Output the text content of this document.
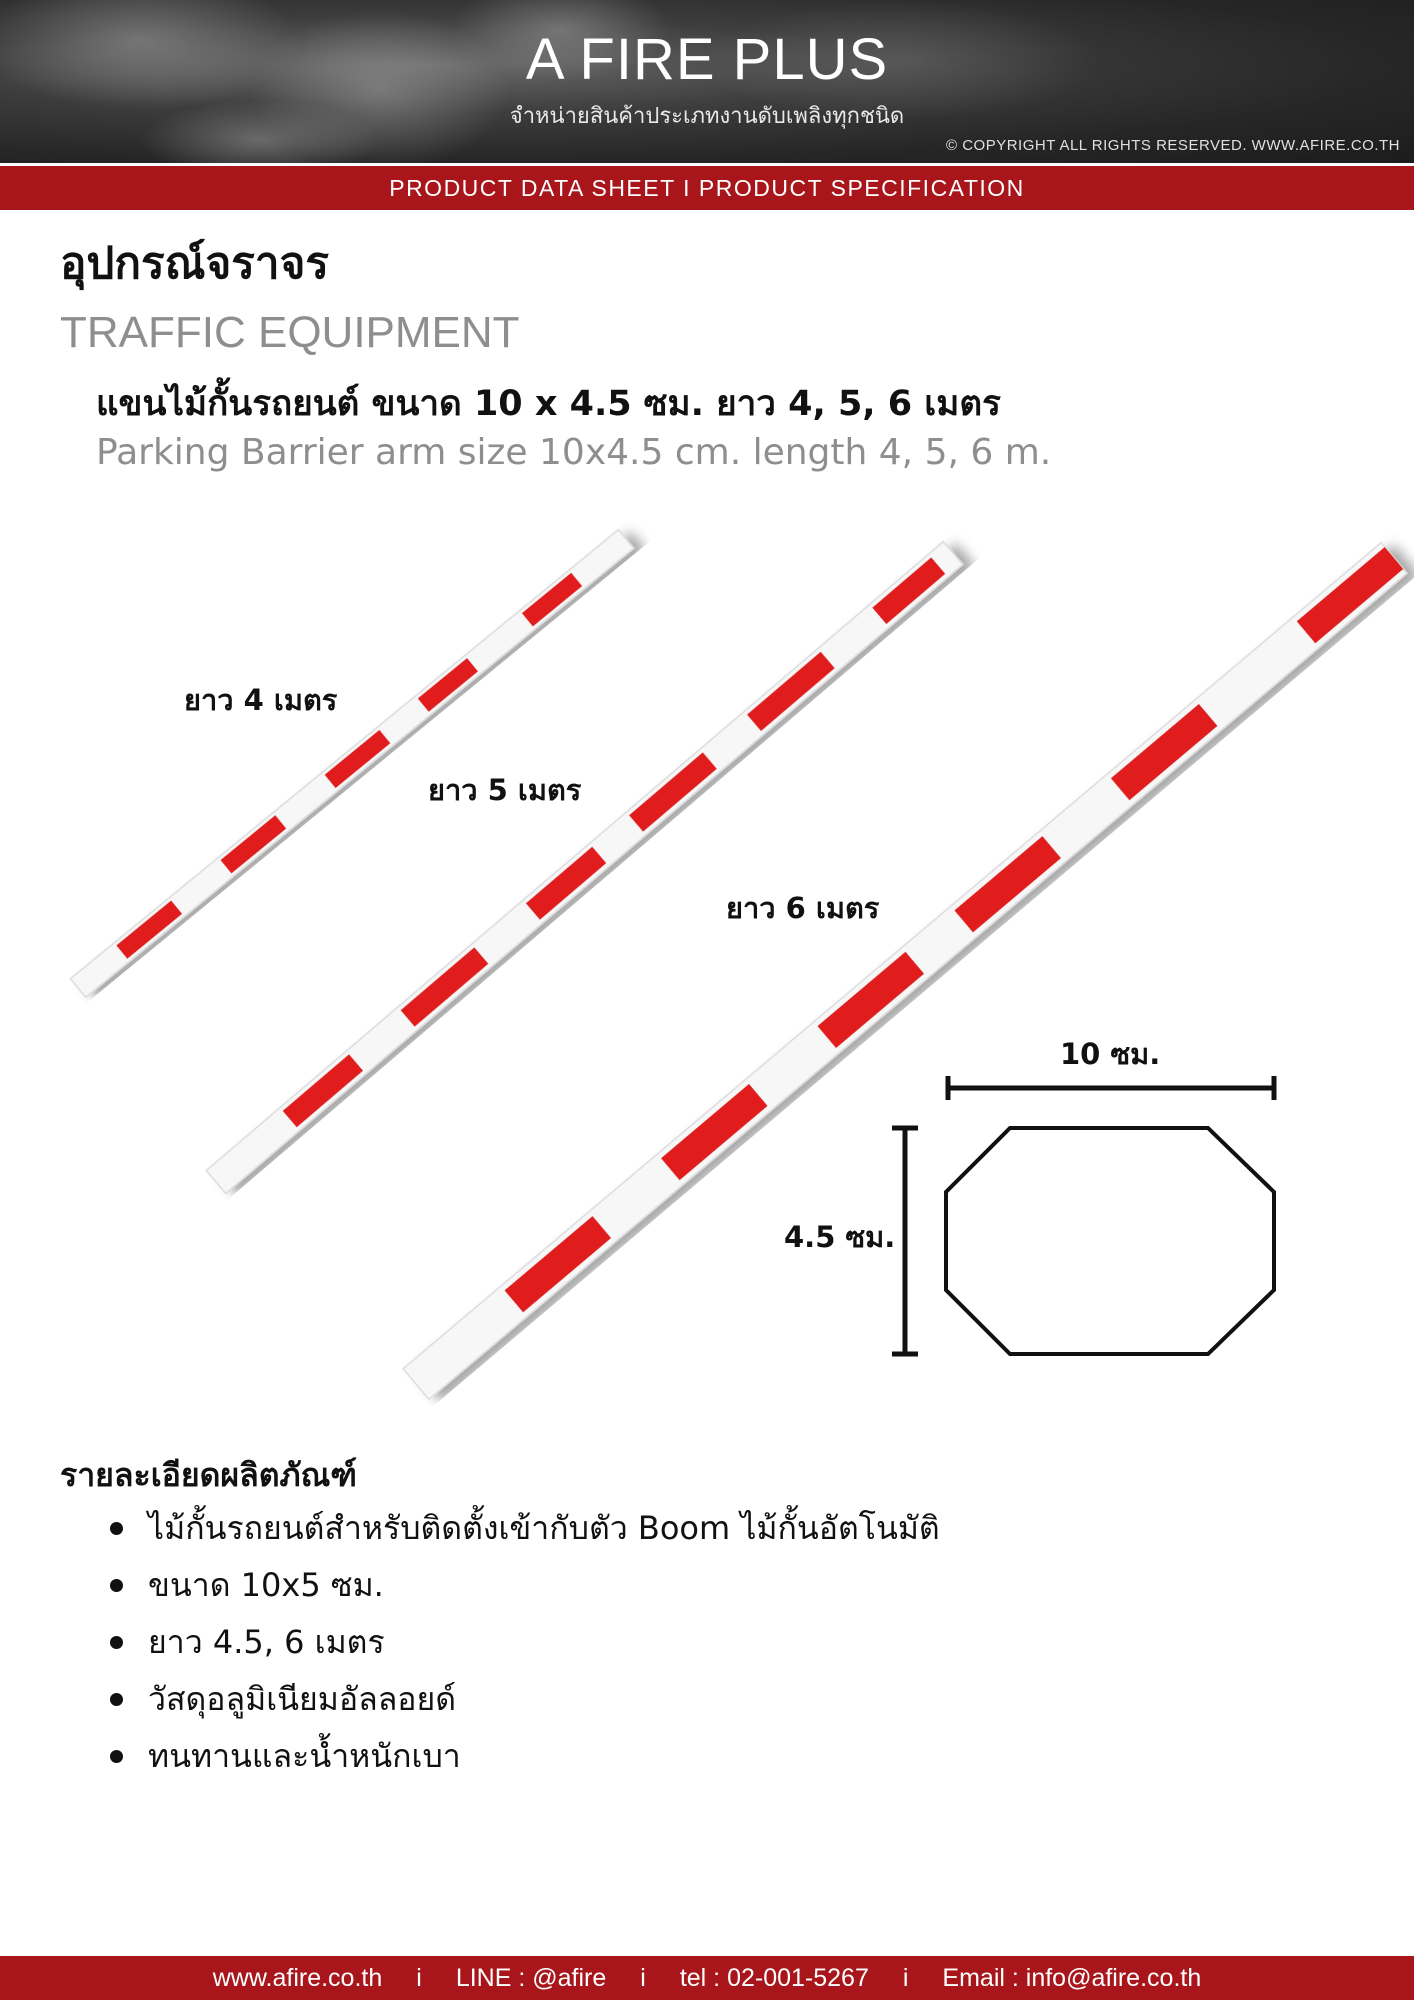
A FIRE PLUS
จำหน่ายสินค้าประเภทงานดับเพลิงทุกชนิด
© COPYRIGHT ALL RIGHTS RESERVED. WWW.AFIRE.CO.TH
PRODUCT DATA SHEET I PRODUCT SPECIFICATION
อุปกรณ์จราจร
TRAFFIC EQUIPMENT
แขนไม้กั้นรถยนต์ ขนาด 10 x 4.5 ซม. ยาว 4, 5, 6 เมตร
Parking Barrier arm size 10x4.5 cm. length 4, 5, 6 m.
ยาว 4 เมตร
ยาว 5 เมตร
ยาว 6 เมตร
10 ซม.
4.5 ซม.
รายละเอียดผลิตภัณฑ์
ไม้กั้นรถยนต์สำหรับติดตั้งเข้ากับตัว Boom ไม้กั้นอัตโนมัติ
ขนาด 10x5 ซม.
ยาว 4.5, 6 เมตร
วัสดุอลูมิเนียมอัลลอยด์
ทนทานและน้ำหนักเบา
www.afire.co.th	i	LINE : @afire	i	tel : 02-001-5267	i	Email : info@afire.co.th
